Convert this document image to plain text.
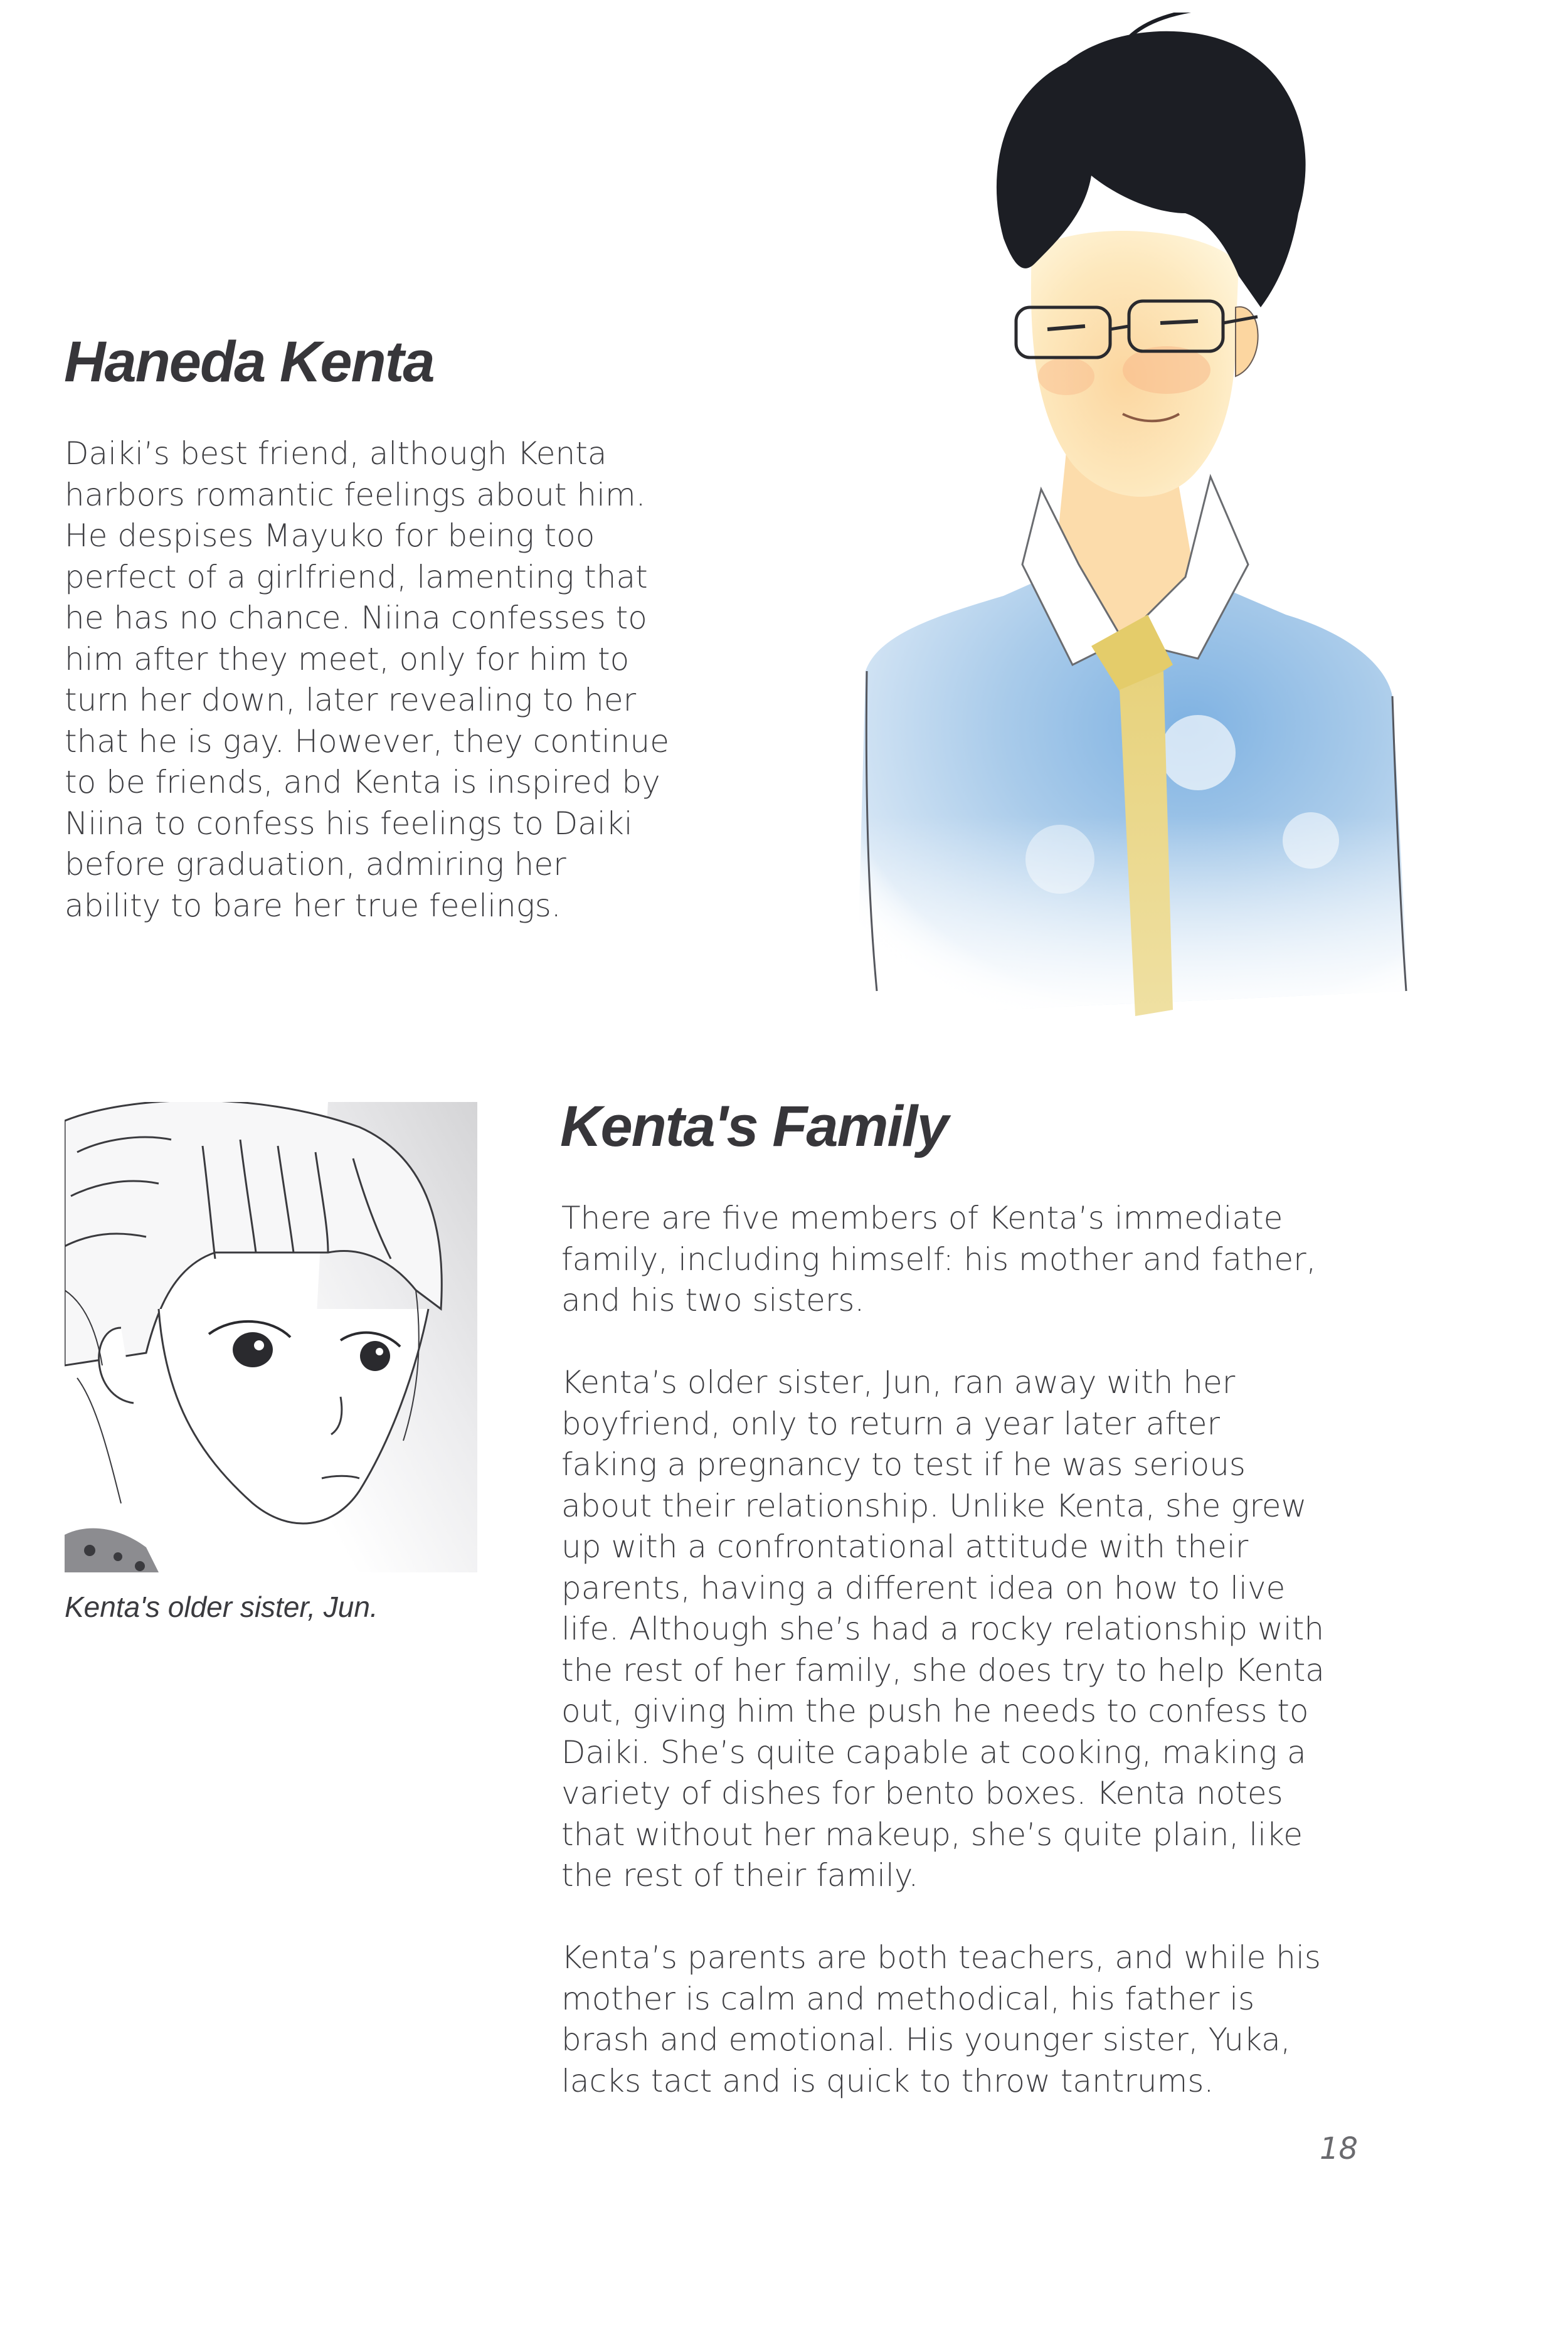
Haneda Kenta
Daiki’s best friend, although Kenta
harbors romantic feelings about him.
He despises Mayuko for being too
perfect of a girlfriend, lamenting that
he has no chance. Niina confesses to
him after they meet, only for him to
turn her down, later revealing to her
that he is gay. However, they continue
to be friends, and Kenta is inspired by
Niina to confess his feelings to Daiki
before graduation, admiring her
ability to bare her true feelings.

Kenta's older sister, Jun.

Kenta's Family

There are five members of Kenta’s immediate
family, including himself: his mother and father,
and his two sisters.

Kenta’s older sister, Jun, ran away with her
boyfriend, only to return a year later after
faking a pregnancy to test if he was serious
about their relationship. Unlike Kenta, she grew
up with a confrontational attitude with their
parents, having a different idea on how to live
life. Although she’s had a rocky relationship with
the rest of her family, she does try to help Kenta
out, giving him the push he needs to confess to
Daiki. She’s quite capable at cooking, making a
variety of dishes for bento boxes. Kenta notes
that without her makeup, she’s quite plain, like
the rest of their family.

Kenta’s parents are both teachers, and while his
mother is calm and methodical, his father is
brash and emotional. His younger sister, Yuka,
lacks tact and is quick to throw tantrums.

18
